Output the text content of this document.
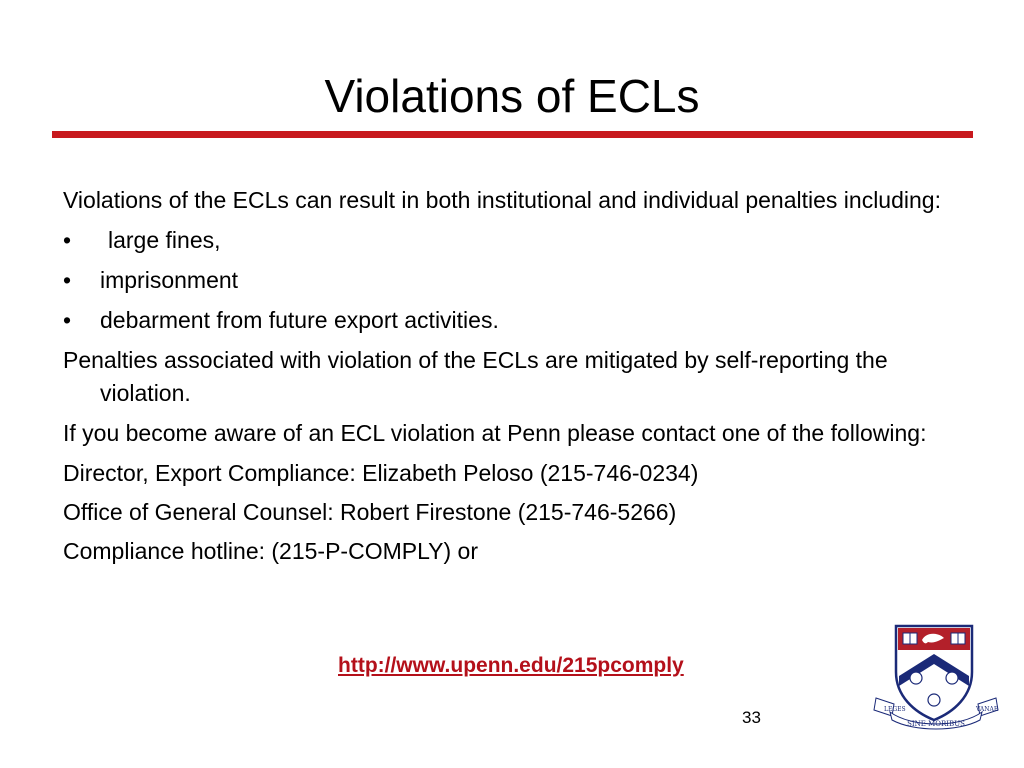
Violations of ECLs

Violations of the ECLs can result in both institutional and individual penalties including:

• large fines,
• imprisonment
• debarment from future export activities.

Penalties associated with violation of the ECLs are mitigated by self-reporting the violation.

If you become aware of an ECL violation at Penn please contact one of the following:

Director, Export Compliance: Elizabeth Peloso (215-746-0234)

Office of General Counsel: Robert Firestone (215-746-5266)

Compliance hotline: (215-P-COMPLY) or

http://www.upenn.edu/215pcomply
33	LEGES	VANAE
SINE MORIBUS
